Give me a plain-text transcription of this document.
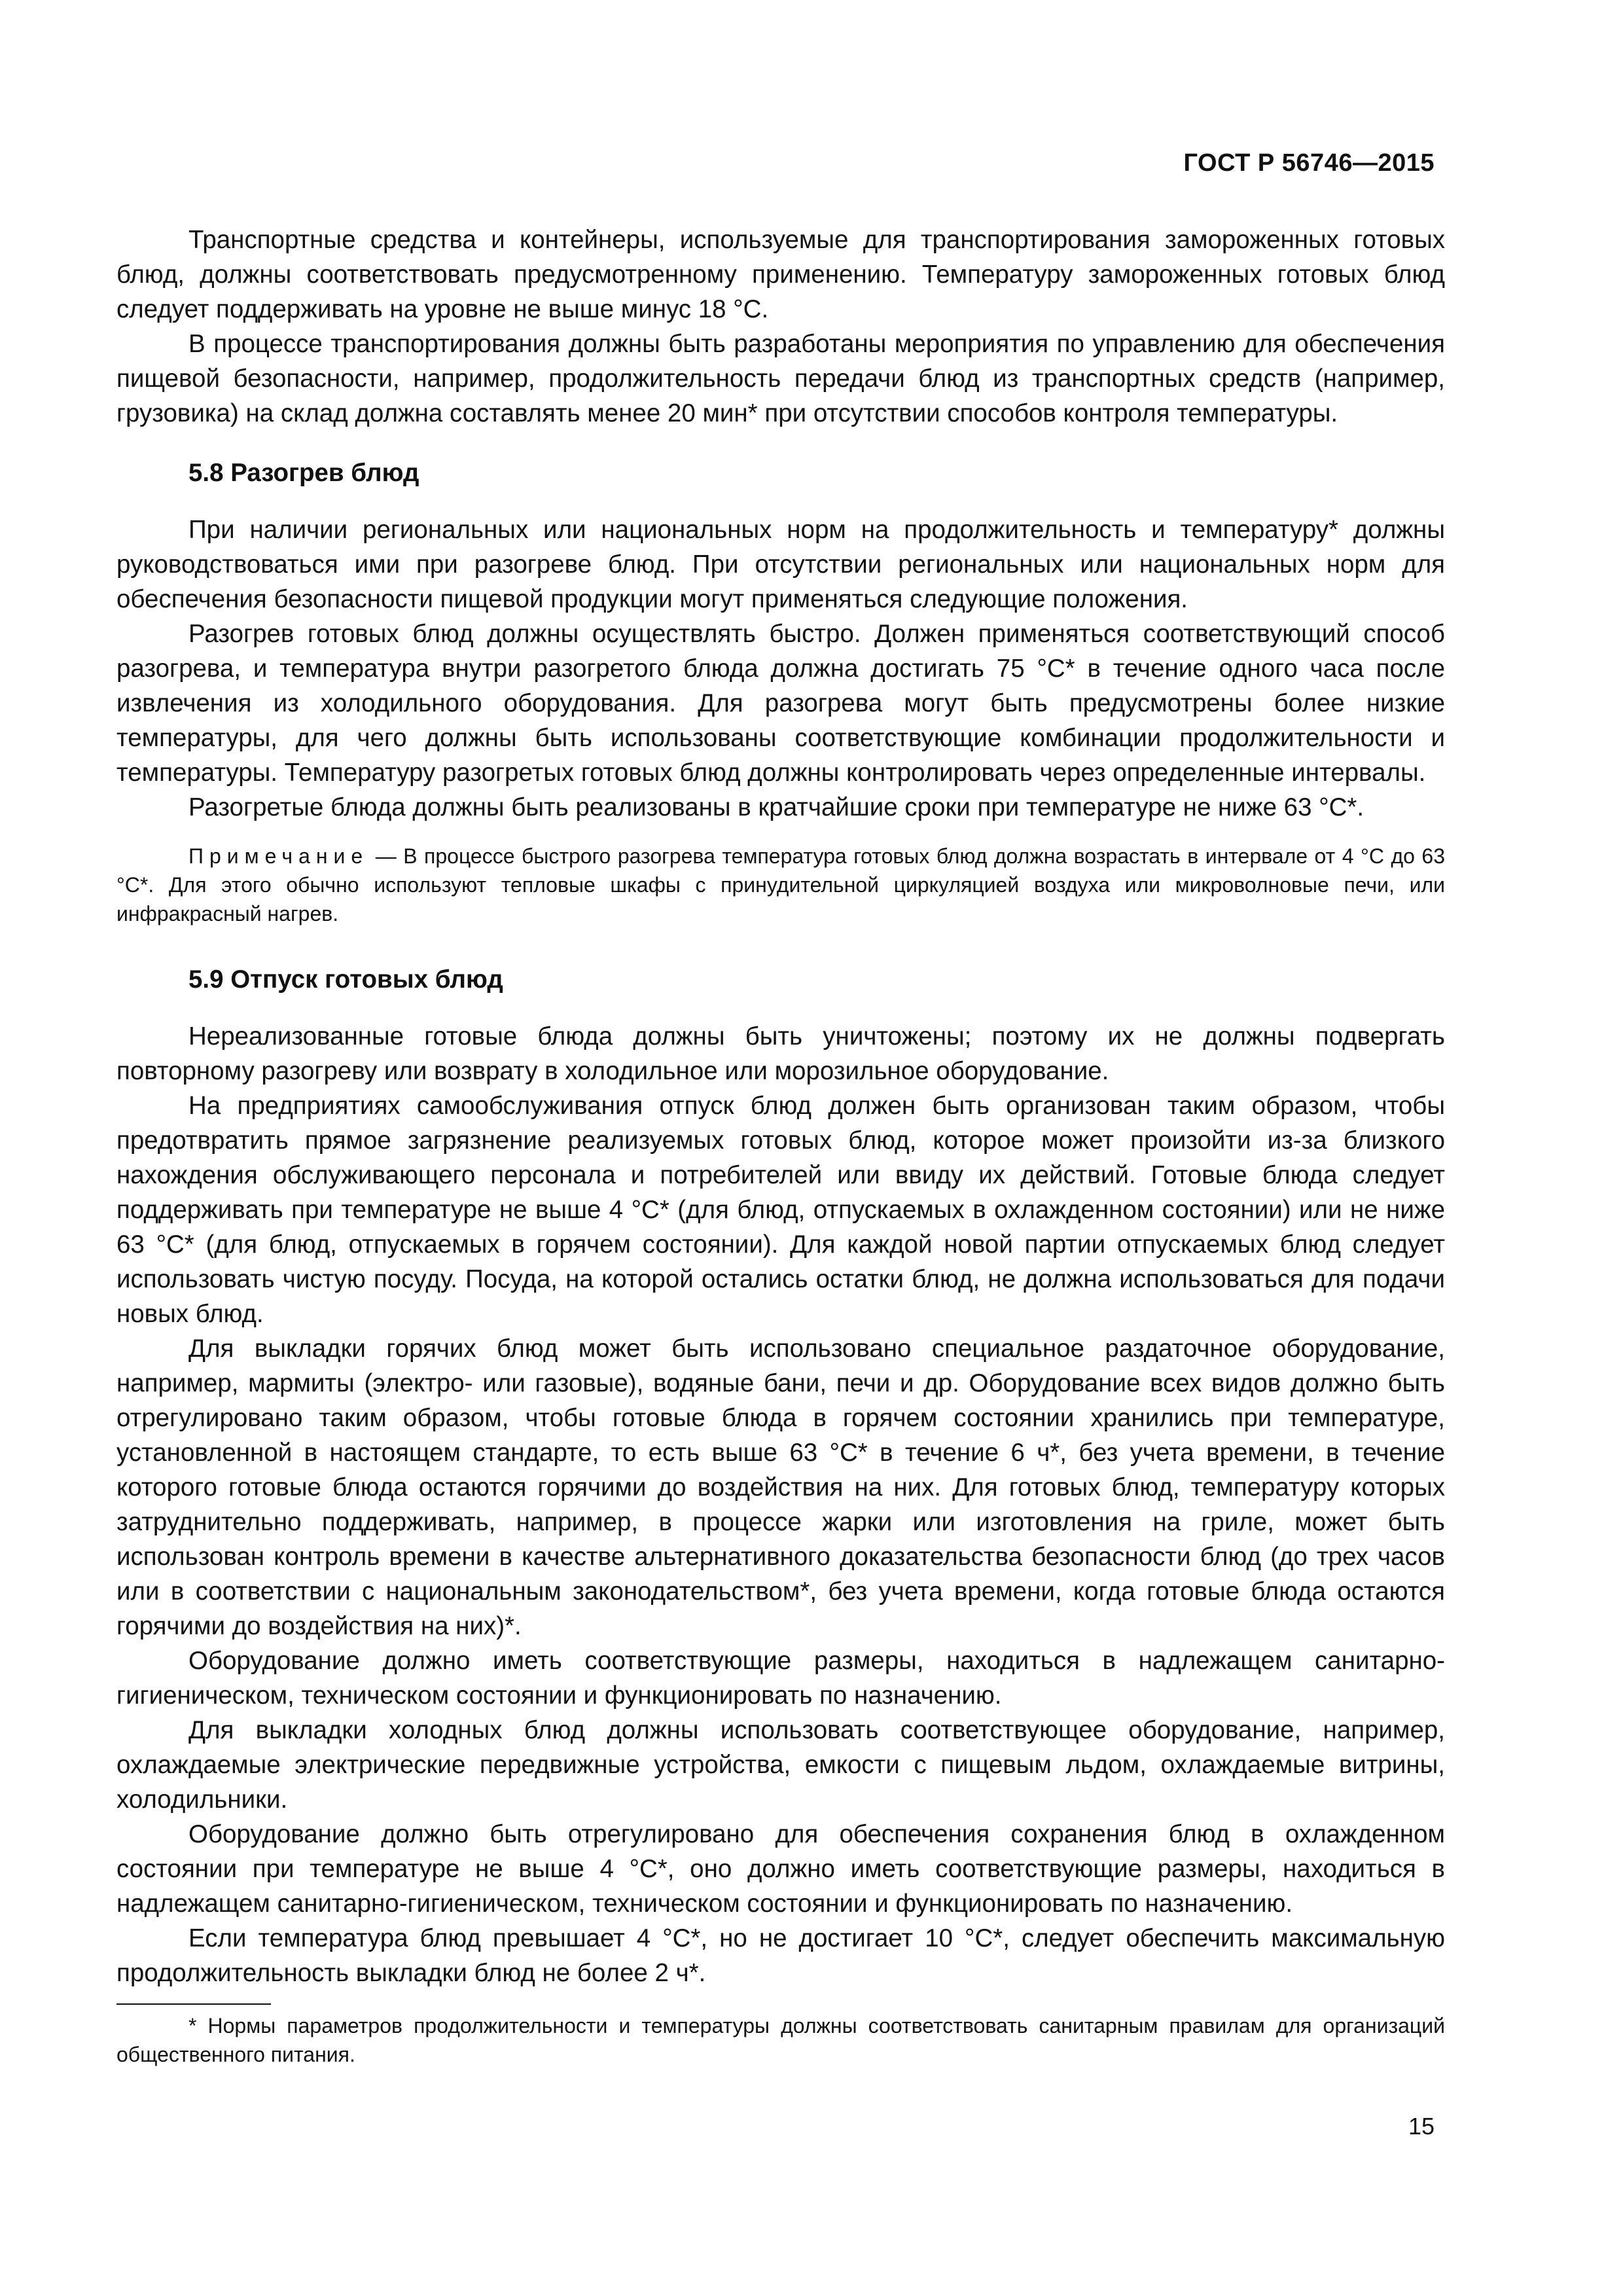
ГОСТ Р 56746—2015

Транспортные средства и контейнеры, используемые для транспортирования замороженных готовых блюд, должны соответствовать предусмотренному применению. Температуру замороженных готовых блюд следует поддерживать на уровне не выше минус 18 °С.

В процессе транспортирования должны быть разработаны мероприятия по управлению для обеспечения пищевой безопасности, например, продолжительность передачи блюд из транспортных средств (например, грузовика) на склад должна составлять менее 20 мин* при отсутствии способов контроля температуры.

5.8 Разогрев блюд

При наличии региональных или национальных норм на продолжительность и температуру* должны руководствоваться ими при разогреве блюд. При отсутствии региональных или национальных норм для обеспечения безопасности пищевой продукции могут применяться следующие положения.

Разогрев готовых блюд должны осуществлять быстро. Должен применяться соответствующий способ разогрева, и температура внутри разогретого блюда должна достигать 75 °С* в течение одного часа после извлечения из холодильного оборудования. Для разогрева могут быть предусмотрены более низкие температуры, для чего должны быть использованы соответствующие комбинации продолжительности и температуры. Температуру разогретых готовых блюд должны контролировать через определенные интервалы.

Разогретые блюда должны быть реализованы в кратчайшие сроки при температуре не ниже 63 °С*.

Примечание — В процессе быстрого разогрева температура готовых блюд должна возрастать в интервале от 4 °С до 63 °С*. Для этого обычно используют тепловые шкафы с принудительной циркуляцией воздуха или микроволновые печи, или инфракрасный нагрев.
5.9 Отпуск готовых блюд

Нереализованные готовые блюда должны быть уничтожены; поэтому их не должны подвергать повторному разогреву или возврату в холодильное или морозильное оборудование.

На предприятиях самообслуживания отпуск блюд должен быть организован таким образом, чтобы предотвратить прямое загрязнение реализуемых готовых блюд, которое может произойти из-за близкого нахождения обслуживающего персонала и потребителей или ввиду их действий. Готовые блюда следует поддерживать при температуре не выше 4 °С* (для блюд, отпускаемых в охлажденном состоянии) или не ниже 63 °С* (для блюд, отпускаемых в горячем состоянии). Для каждой новой партии отпускаемых блюд следует использовать чистую посуду. Посуда, на которой остались остатки блюд, не должна использоваться для подачи новых блюд.

Для выкладки горячих блюд может быть использовано специальное раздаточное оборудование, например, мармиты (электро- или газовые), водяные бани, печи и др. Оборудование всех видов должно быть отрегулировано таким образом, чтобы готовые блюда в горячем состоянии хранились при температуре, установленной в настоящем стандарте, то есть выше 63 °С* в течение 6 ч*, без учета времени, в течение которого готовые блюда остаются горячими до воздействия на них. Для готовых блюд, температуру которых затруднительно поддерживать, например, в процессе жарки или изготовления на гриле, может быть использован контроль времени в качестве альтернативного доказательства безопасности блюд (до трех часов или в соответствии с национальным законодательством*, без учета времени, когда готовые блюда остаются горячими до воздействия на них)*.

Оборудование должно иметь соответствующие размеры, находиться в надлежащем санитарно-гигиеническом, техническом состоянии и функционировать по назначению.

Для выкладки холодных блюд должны использовать соответствующее оборудование, например, охлаждаемые электрические передвижные устройства, емкости с пищевым льдом, охлаждаемые витрины, холодильники.

Оборудование должно быть отрегулировано для обеспечения сохранения блюд в охлажденном состоянии при температуре не выше 4 °С*, оно должно иметь соответствующие размеры, находиться в надлежащем санитарно-гигиеническом, техническом состоянии и функционировать по назначению.

Если температура блюд превышает 4 °С*, но не достигает 10 °С*, следует обеспечить максимальную продолжительность выкладки блюд не более 2 ч*.

* Нормы параметров продолжительности и температуры должны соответствовать санитарным правилам для организаций общественного питания.

15
